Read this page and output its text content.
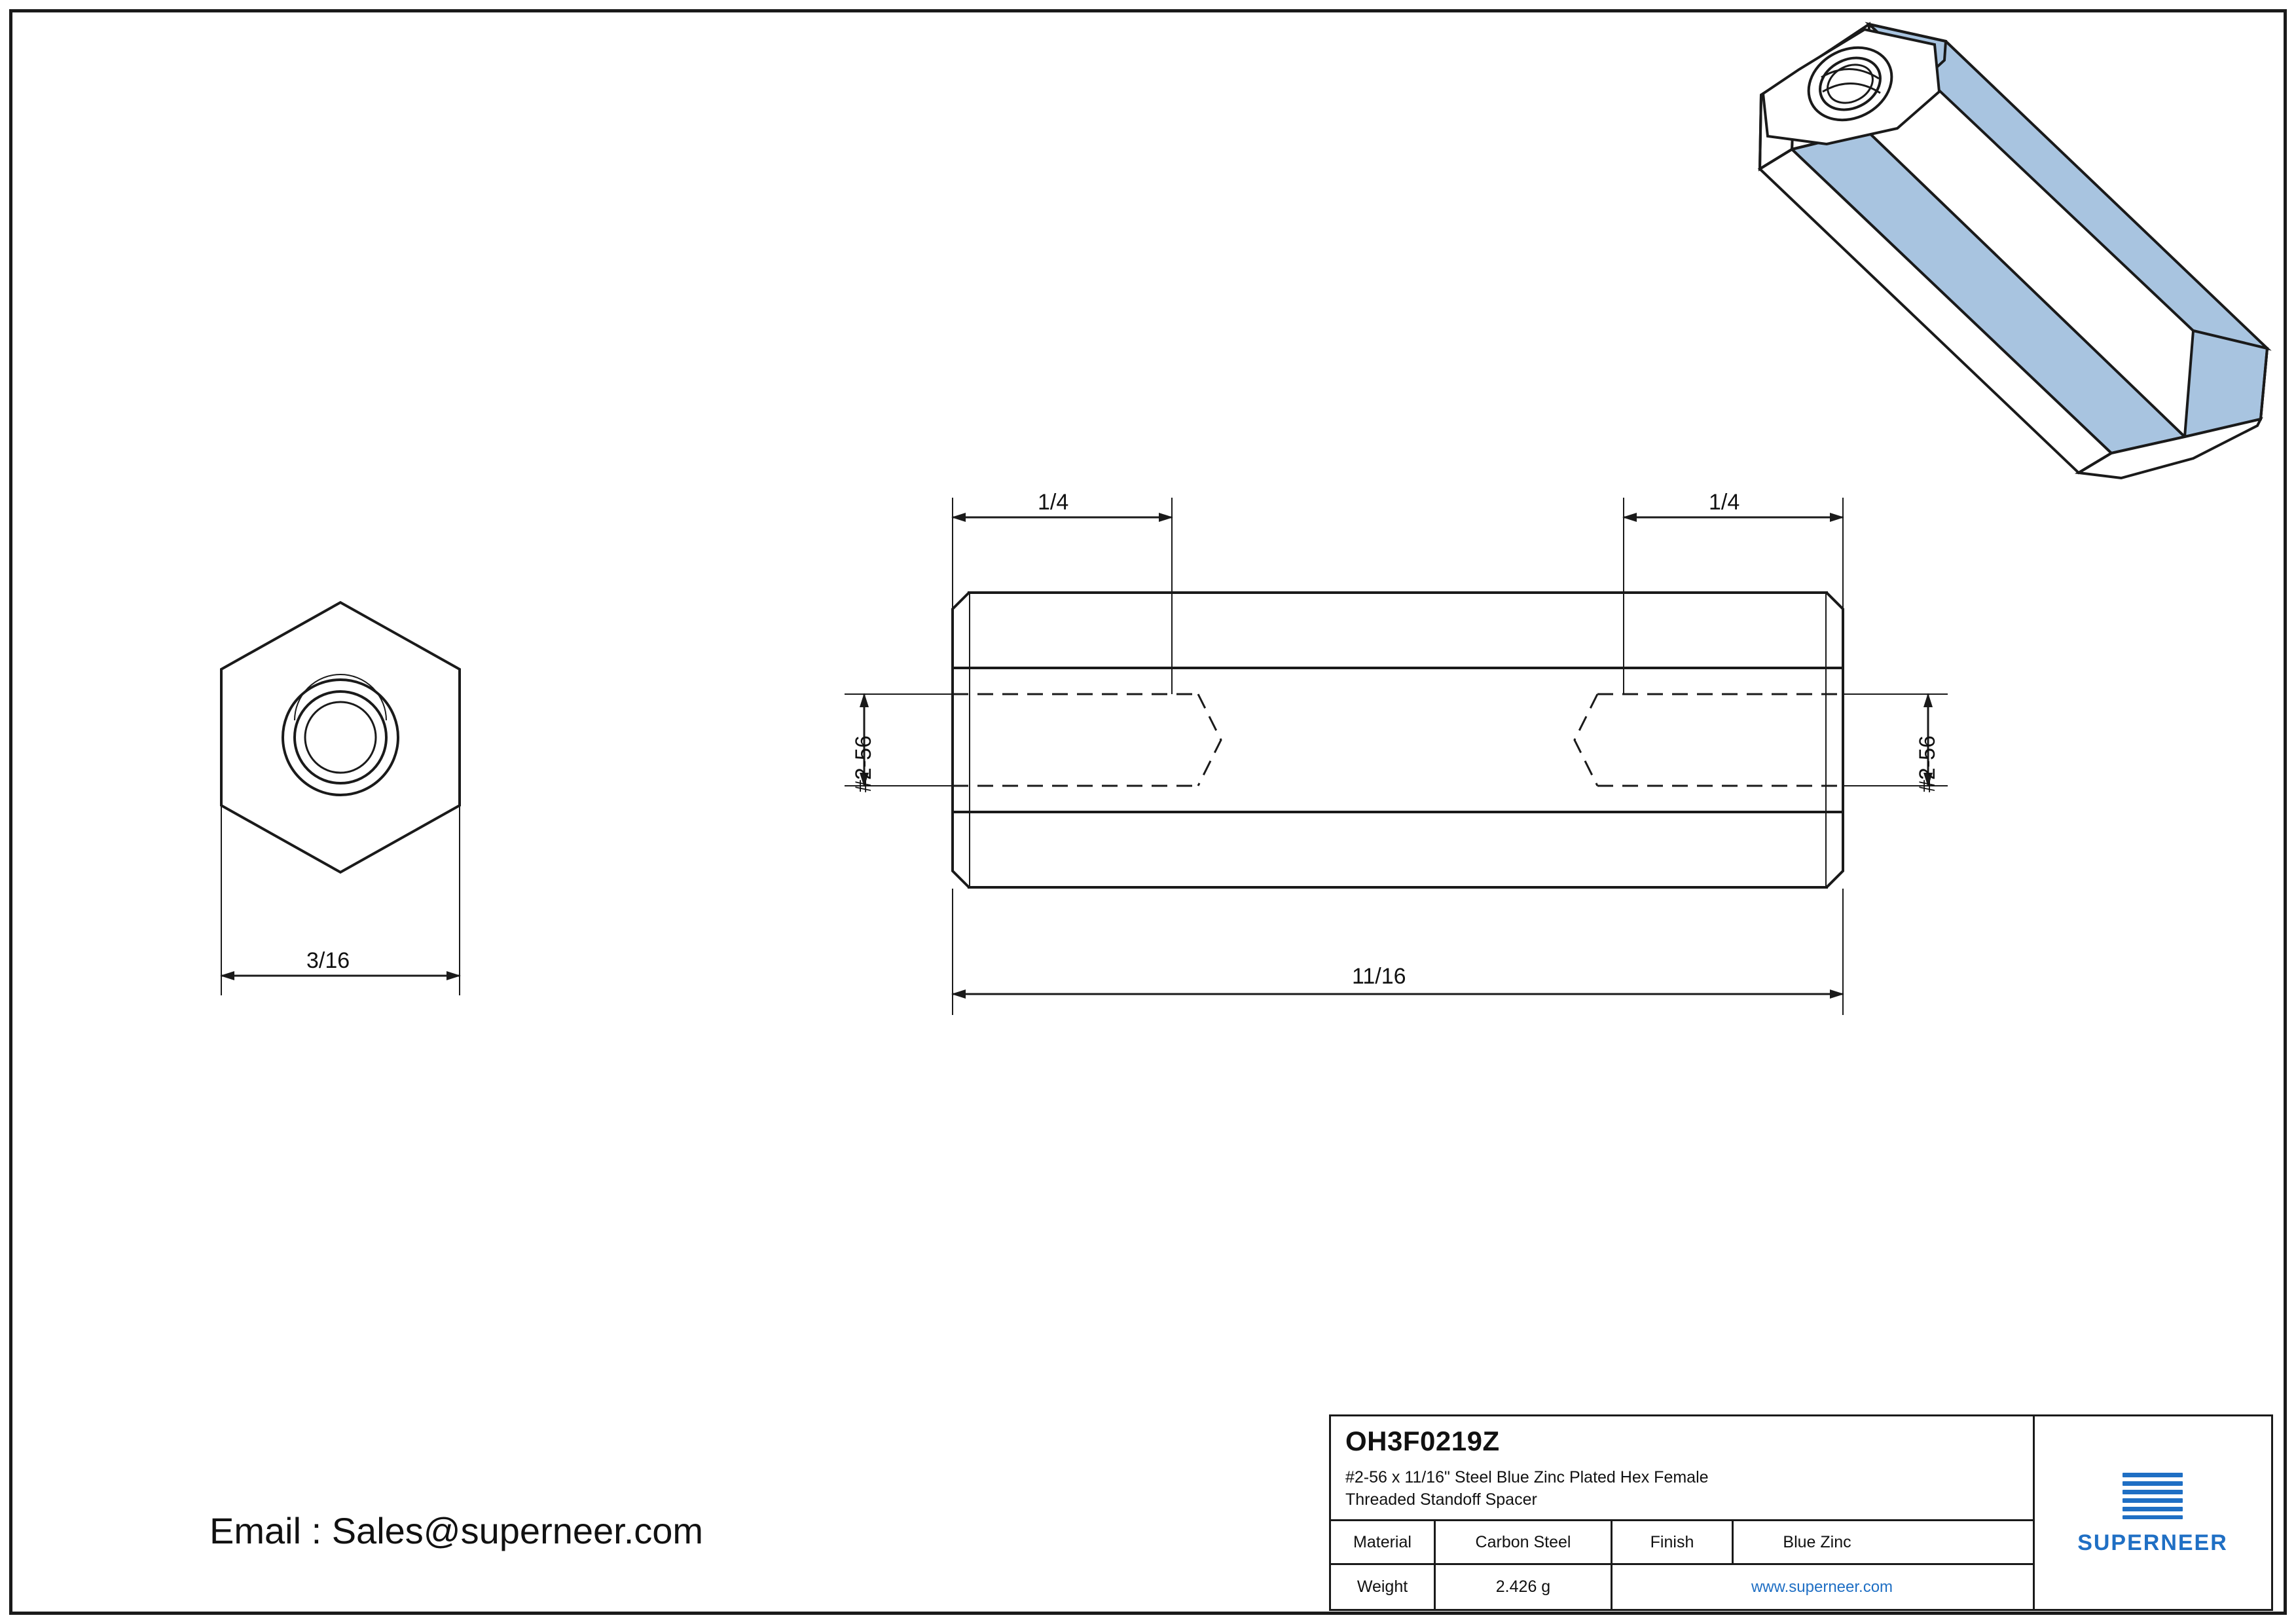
3/16
11/16
1/4	1/4
#2-56	#2-56
Email : Sales@superneer.com
OH3F0219Z
#2-56 x 11/16" Steel Blue Zinc Plated Hex Female
Threaded Standoff Spacer
Material	Carbon Steel	Finish	Blue Zinc
Weight	2.426 g	www.superneer.com
SUPERNEER
